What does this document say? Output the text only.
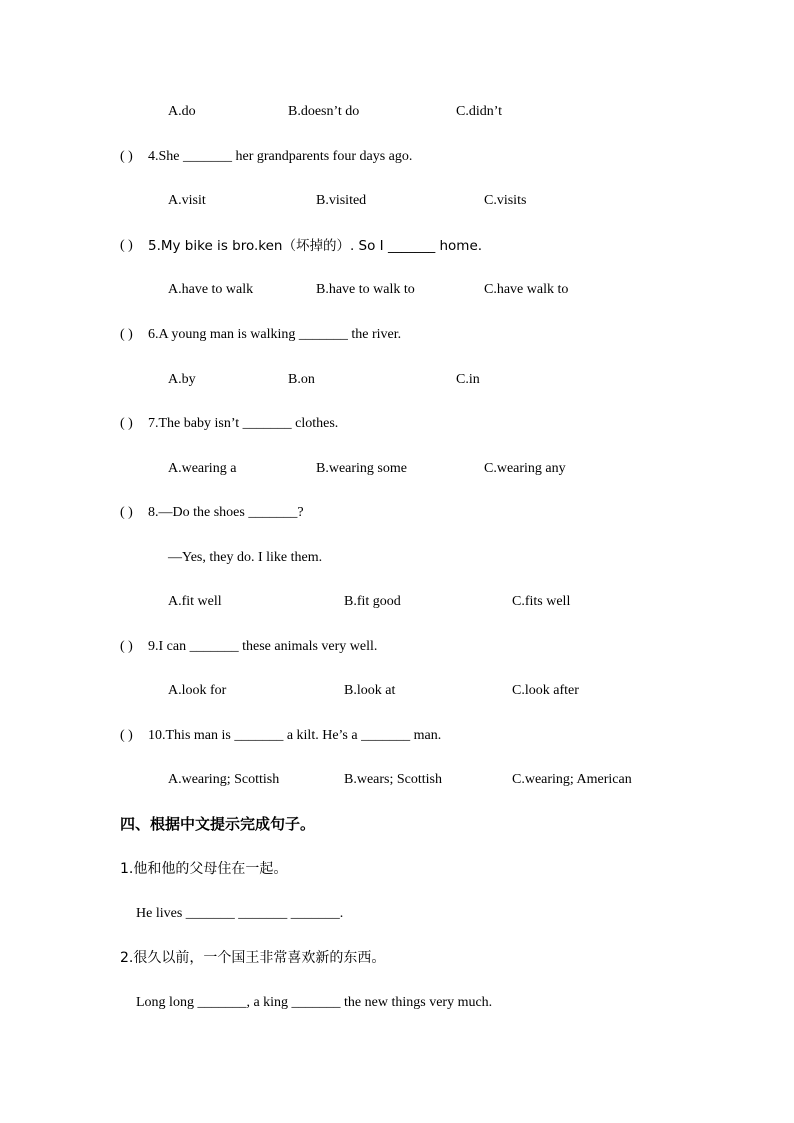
A.do	B.doesn’t do	C.didn’t
( ) 4.She _______ her grandparents four days ago.
A.visit	B.visited	C.visits
( ) 5.My bike is bro.ken（坏掉的）. So I _______ home.
A.have to walk	B.have to walk to	C.have walk to
( ) 6.A young man is walking _______ the river.
A.by	B.on	C.in
( ) 7.The baby isn’t _______ clothes.
A.wearing a	B.wearing some	C.wearing any
( ) 8.—Do the shoes _______?
—Yes, they do. I like them.
A.fit well	B.fit good	C.fits well
( ) 9.I can _______ these animals very well.
A.look for	B.look at	C.look after
( ) 10.This man is _______ a kilt. He’s a _______ man.
A.wearing; Scottish	B.wears; Scottish	C.wearing; American
四、根据中文提示完成句子。
1.他和他的父母住在一起。
He lives _______ _______ _______.
2.很久以前，一个国王非常喜欢新的东西。
Long long _______, a king _______ the new things very much.
